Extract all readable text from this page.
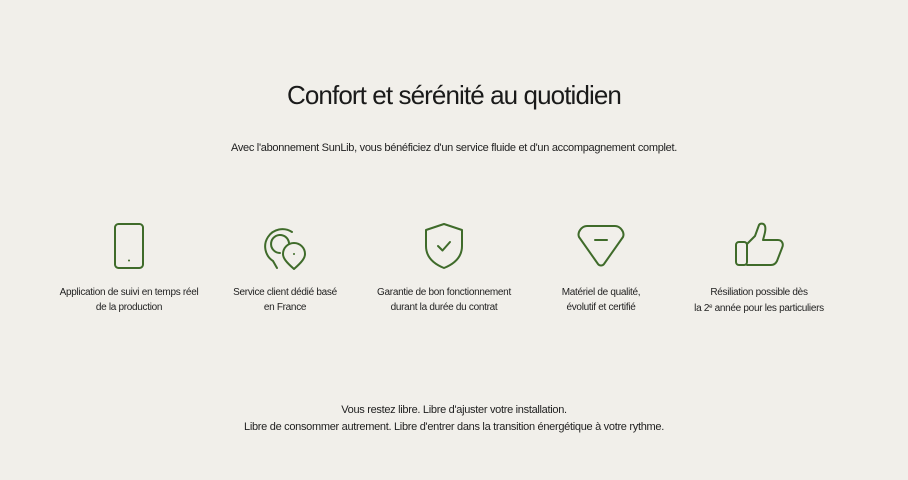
Confort et sérénité au quotidien

Avec l'abonnement SunLib, vous bénéficiez d'un service fluide et d'un accompagnement complet.

Application de suivi en temps réel
de la production
Service client dédié basé
en France
Garantie de bon fonctionnement
durant la durée du contrat
Matériel de qualité,
évolutif et certifié
Résiliation possible dès
la 2e année pour les particuliers
Vous restez libre. Libre d'ajuster votre installation.
Libre de consommer autrement. Libre d'entrer dans la transition énergétique à votre rythme.
